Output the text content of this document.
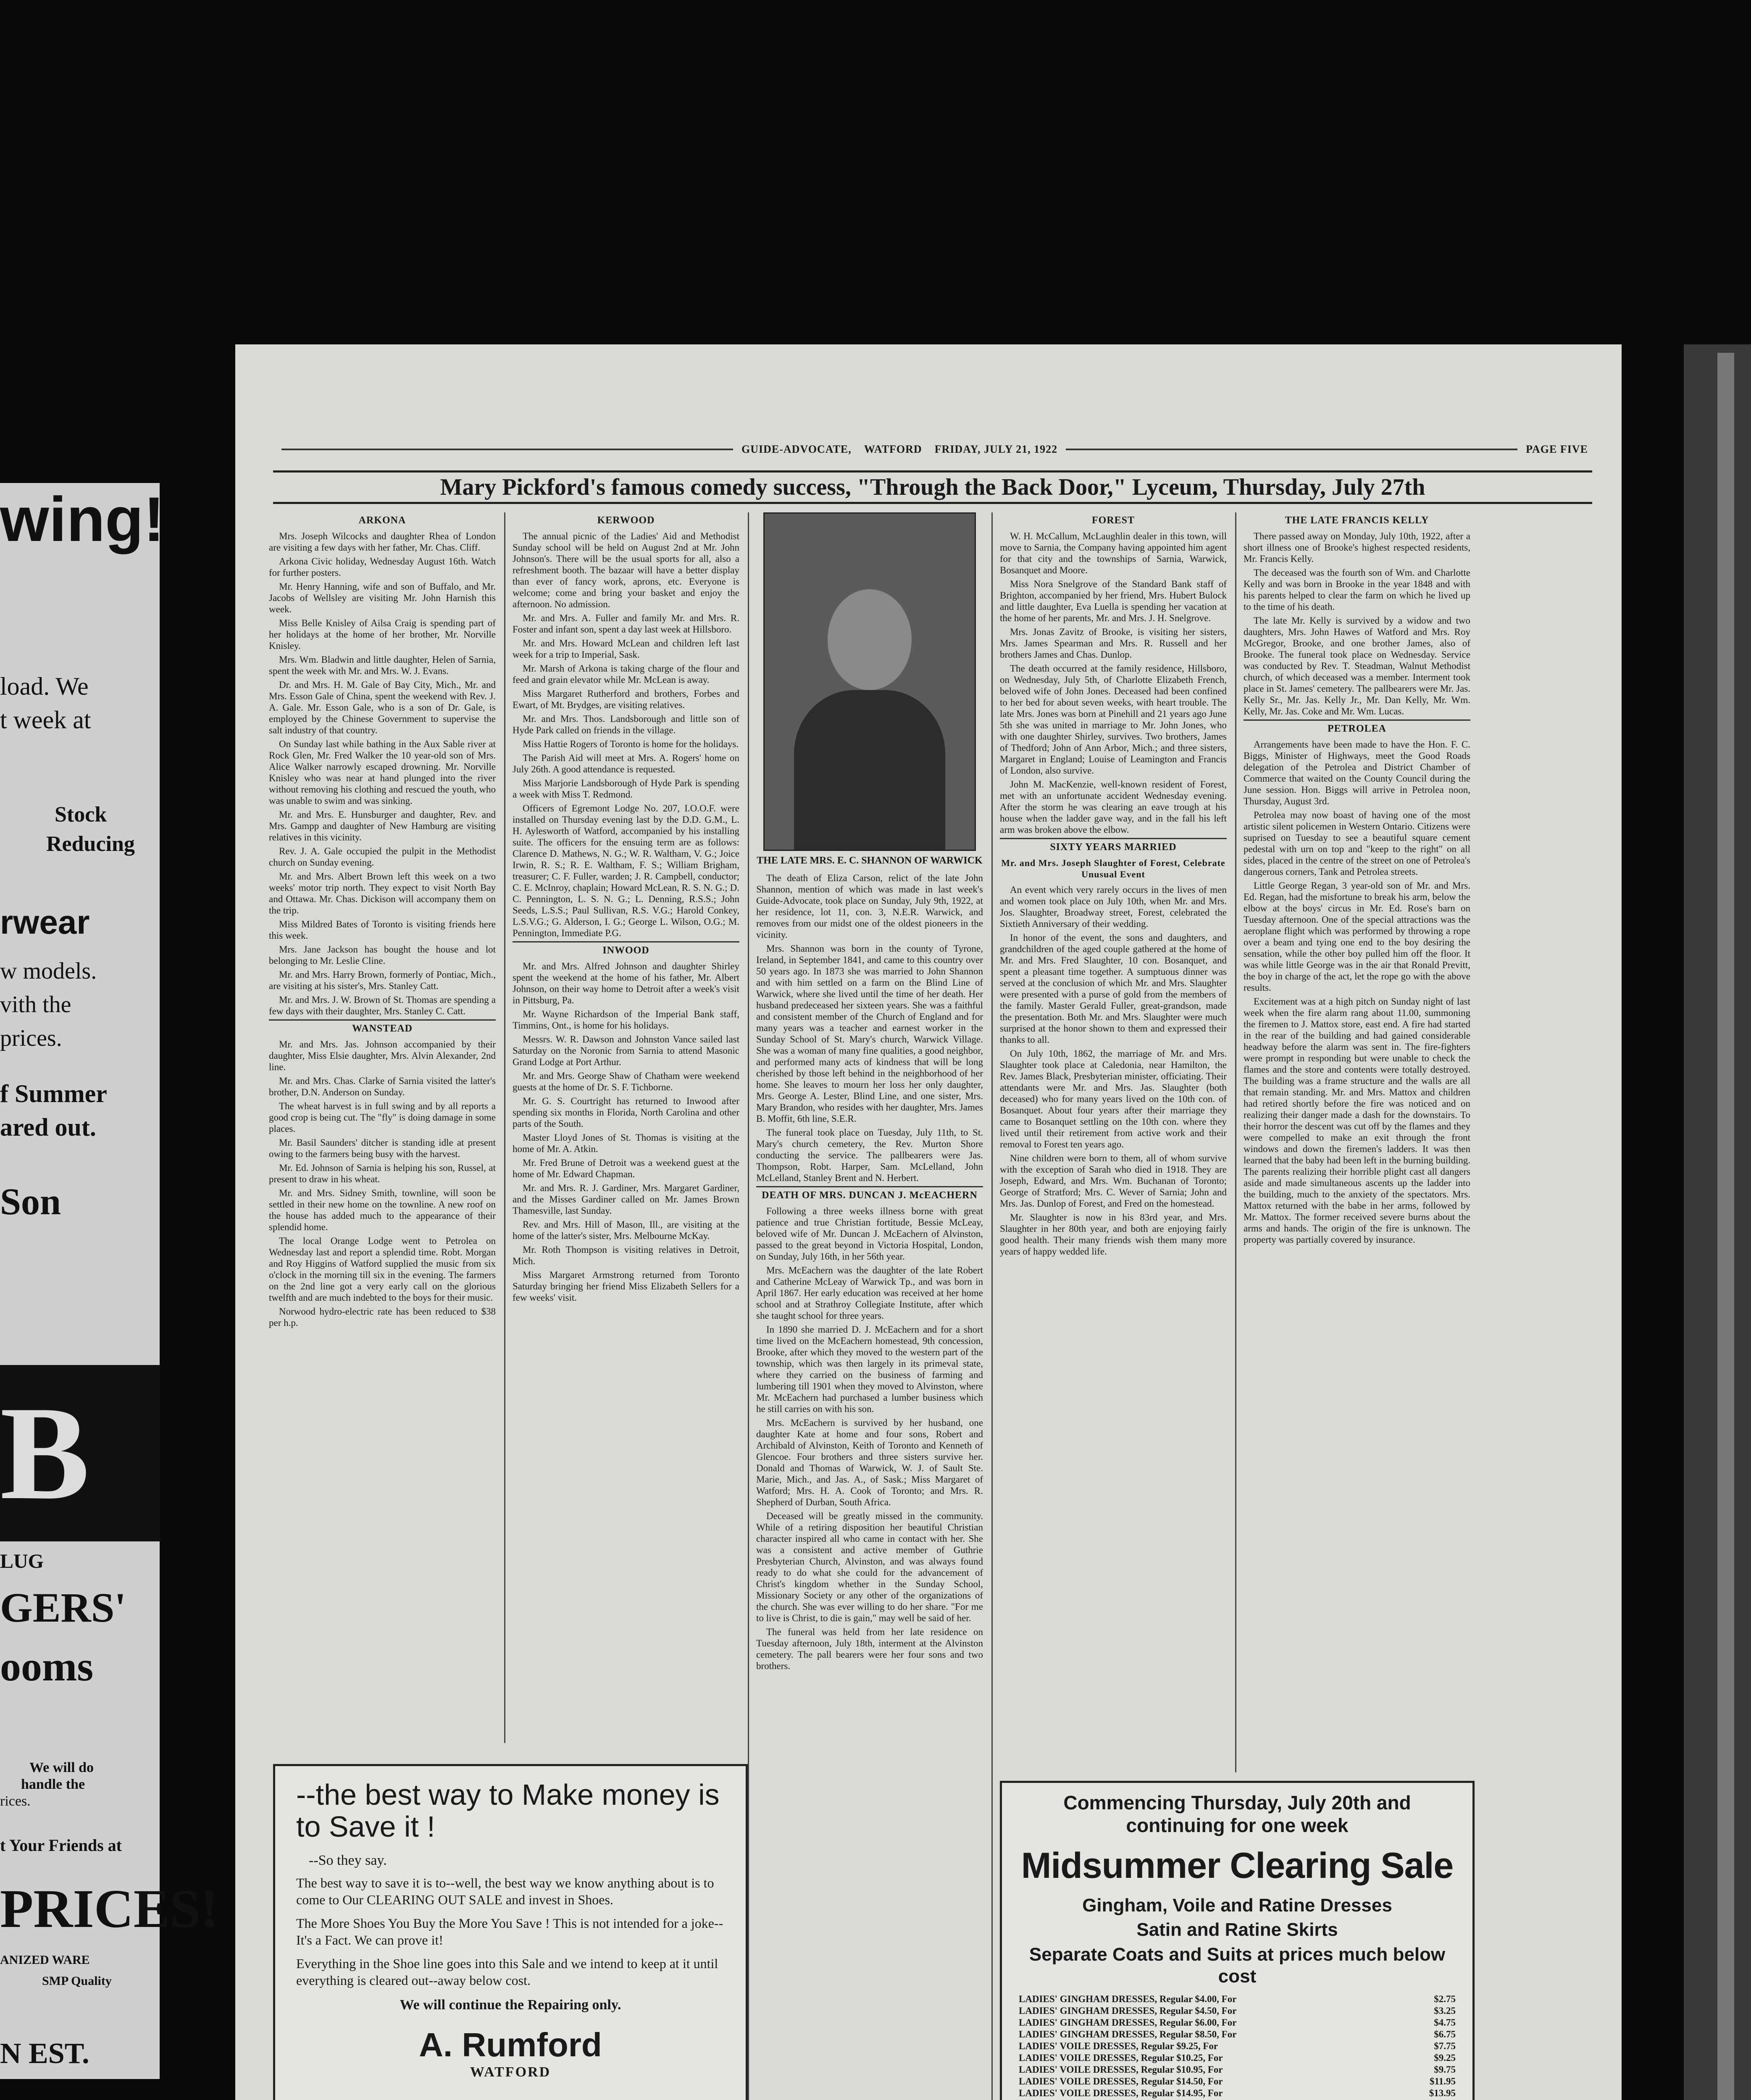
wing!
load. We
t week at
Stock
Reducing
rwear
w models.
vith the
prices.
f Summer
ared out.
Son
B
LUG
GERS'
ooms
We will do
handle the
rices.
t Your Friends at
PRICES!
ANIZED WARE
SMP Quality
N EST.
GUIDE-ADVOCATE, WATFORD FRIDAY, JULY 21, 1922	PAGE FIVE
Mary Pickford's famous comedy success, "Through the Back Door," Lyceum, Thursday, July 27th
ARKONA

Mrs. Joseph Wilcocks and daughter Rhea of London are visiting a few days with her father, Mr. Chas. Cliff.

Arkona Civic holiday, Wednesday August 16th. Watch for further posters.

Mr. Henry Hanning, wife and son of Buffalo, and Mr. Jacobs of Wellsley are visiting Mr. John Harnish this week.

Miss Belle Knisley of Ailsa Craig is spending part of her holidays at the home of her brother, Mr. Norville Knisley.

Mrs. Wm. Bladwin and little daughter, Helen of Sarnia, spent the week with Mr. and Mrs. W. J. Evans.

Dr. and Mrs. H. M. Gale of Bay City, Mich., Mr. and Mrs. Esson Gale of China, spent the weekend with Rev. J. A. Gale. Mr. Esson Gale, who is a son of Dr. Gale, is employed by the Chinese Government to supervise the salt industry of that country.

On Sunday last while bathing in the Aux Sable river at Rock Glen, Mr. Fred Walker the 10 year-old son of Mrs. Alice Walker narrowly escaped drowning. Mr. Norville Knisley who was near at hand plunged into the river without removing his clothing and rescued the youth, who was unable to swim and was sinking.

Mr. and Mrs. E. Hunsburger and daughter, Rev. and Mrs. Gampp and daughter of New Hamburg are visiting relatives in this vicinity.

Rev. J. A. Gale occupied the pulpit in the Methodist church on Sunday evening.

Mr. and Mrs. Albert Brown left this week on a two weeks' motor trip north. They expect to visit North Bay and Ottawa. Mr. Chas. Dickison will accompany them on the trip.

Miss Mildred Bates of Toronto is visiting friends here this week.

Mrs. Jane Jackson has bought the house and lot belonging to Mr. Leslie Cline.

Mr. and Mrs. Harry Brown, formerly of Pontiac, Mich., are visiting at his sister's, Mrs. Stanley Catt.

Mr. and Mrs. J. W. Brown of St. Thomas are spending a few days with their daughter, Mrs. Stanley C. Catt.

WANSTEAD

Mr. and Mrs. Jas. Johnson accompanied by their daughter, Miss Elsie daughter, Mrs. Alvin Alexander, 2nd line.

Mr. and Mrs. Chas. Clarke of Sarnia visited the latter's brother, D.N. Anderson on Sunday.

The wheat harvest is in full swing and by all reports a good crop is being cut. The "fly" is doing damage in some places.

Mr. Basil Saunders' ditcher is standing idle at present owing to the farmers being busy with the harvest.

Mr. Ed. Johnson of Sarnia is helping his son, Russel, at present to draw in his wheat.

Mr. and Mrs. Sidney Smith, townline, will soon be settled in their new home on the townline. A new roof on the house has added much to the appearance of their splendid home.

The local Orange Lodge went to Petrolea on Wednesday last and report a splendid time. Robt. Morgan and Roy Higgins of Watford supplied the music from six o'clock in the morning till six in the evening. The farmers on the 2nd line got a very early call on the glorious twelfth and are much indebted to the boys for their music.

Norwood hydro-electric rate has been reduced to $38 per h.p.

KERWOOD

The annual picnic of the Ladies' Aid and Methodist Sunday school will be held on August 2nd at Mr. John Johnson's. There will be the usual sports for all, also a refreshment booth. The bazaar will have a better display than ever of fancy work, aprons, etc. Everyone is welcome; come and bring your basket and enjoy the afternoon. No admission.

Mr. and Mrs. A. Fuller and family Mr. and Mrs. R. Foster and infant son, spent a day last week at Hillsboro.

Mr. and Mrs. Howard McLean and children left last week for a trip to Imperial, Sask.

Mr. Marsh of Arkona is taking charge of the flour and feed and grain elevator while Mr. McLean is away.

Miss Margaret Rutherford and brothers, Forbes and Ewart, of Mt. Brydges, are visiting relatives.

Mr. and Mrs. Thos. Landsborough and little son of Hyde Park called on friends in the village.

Miss Hattie Rogers of Toronto is home for the holidays.

The Parish Aid will meet at Mrs. A. Rogers' home on July 26th. A good attendance is requested.

Miss Marjorie Landsborough of Hyde Park is spending a week with Miss T. Redmond.

Officers of Egremont Lodge No. 207, I.O.O.F. were installed on Thursday evening last by the D.D. G.M., L. H. Aylesworth of Watford, accompanied by his installing suite. The officers for the ensuing term are as follows: Clarence D. Mathews, N. G.; W. R. Waltham, V. G.; Joice Irwin, R. S.; R. E. Waltham, F. S.; William Brigham, treasurer; C. F. Fuller, warden; J. R. Campbell, conductor; C. E. McInroy, chaplain; Howard McLean, R. S. N. G.; D. C. Pennington, L. S. N. G.; L. Denning, R.S.S.; John Seeds, L.S.S.; Paul Sullivan, R.S. V.G.; Harold Conkey, L.S.V.G.; G. Alderson, I. G.; George L. Wilson, O.G.; M. Pennington, Immediate P.G.

INWOOD

Mr. and Mrs. Alfred Johnson and daughter Shirley spent the weekend at the home of his father, Mr. Albert Johnson, on their way home to Detroit after a week's visit in Pittsburg, Pa.

Mr. Wayne Richardson of the Imperial Bank staff, Timmins, Ont., is home for his holidays.

Messrs. W. R. Dawson and Johnston Vance sailed last Saturday on the Noronic from Sarnia to attend Masonic Grand Lodge at Port Arthur.

Mr. and Mrs. George Shaw of Chatham were weekend guests at the home of Dr. S. F. Tichborne.

Mr. G. S. Courtright has returned to Inwood after spending six months in Florida, North Carolina and other parts of the South.

Master Lloyd Jones of St. Thomas is visiting at the home of Mr. A. Atkin.

Mr. Fred Brune of Detroit was a weekend guest at the home of Mr. Edward Chapman.

Mr. and Mrs. R. J. Gardiner, Mrs. Margaret Gardiner, and the Misses Gardiner called on Mr. James Brown Thamesville, last Sunday.

Rev. and Mrs. Hill of Mason, Ill., are visiting at the home of the latter's sister, Mrs. Melbourne McKay.

Mr. Roth Thompson is visiting relatives in Detroit, Mich.

Miss Margaret Armstrong returned from Toronto Saturday bringing her friend Miss Elizabeth Sellers for a few weeks' visit.

--the best way to Make money is to Save it !

--So they say.

The best way to save it is to--well, the best way we know anything about is to come to Our CLEARING OUT SALE and invest in Shoes.

The More Shoes You Buy the More You Save ! This is not intended for a joke-- It's a Fact. We can prove it!

Everything in the Shoe line goes into this Sale and we intend to keep at it until everything is cleared out--away below cost.

We will continue the Repairing only.

A. Rumford

WATFORD

THE LATE MRS. E. C. SHANNON OF WARWICK

The death of Eliza Carson, relict of the late John Shannon, mention of which was made in last week's Guide-Advocate, took place on Sunday, July 9th, 1922, at her residence, lot 11, con. 3, N.E.R. Warwick, and removes from our midst one of the oldest pioneers in the vicinity.

Mrs. Shannon was born in the county of Tyrone, Ireland, in September 1841, and came to this country over 50 years ago. In 1873 she was married to John Shannon and with him settled on a farm on the Blind Line of Warwick, where she lived until the time of her death. Her husband predeceased her sixteen years. She was a faithful and consistent member of the Church of England and for many years was a teacher and earnest worker in the Sunday School of St. Mary's church, Warwick Village. She was a woman of many fine qualities, a good neighbor, and performed many acts of kindness that will be long cherished by those left behind in the neighborhood of her home. She leaves to mourn her loss her only daughter, Mrs. George A. Lester, Blind Line, and one sister, Mrs. Mary Brandon, who resides with her daughter, Mrs. James B. Moffit, 6th line, S.E.R.

The funeral took place on Tuesday, July 11th, to St. Mary's church cemetery, the Rev. Murton Shore conducting the service. The pallbearers were Jas. Thompson, Robt. Harper, Sam. McLelland, John McLelland, Stanley Brent and N. Herbert.

DEATH OF MRS. DUNCAN J. McEACHERN

Following a three weeks illness borne with great patience and true Christian fortitude, Bessie McLeay, beloved wife of Mr. Duncan J. McEachern of Alvinston, passed to the great beyond in Victoria Hospital, London, on Sunday, July 16th, in her 56th year.

Mrs. McEachern was the daughter of the late Robert and Catherine McLeay of Warwick Tp., and was born in April 1867. Her early education was received at her home school and at Strathroy Collegiate Institute, after which she taught school for three years.

In 1890 she married D. J. McEachern and for a short time lived on the McEachern homestead, 9th concession, Brooke, after which they moved to the western part of the township, which was then largely in its primeval state, where they carried on the business of farming and lumbering till 1901 when they moved to Alvinston, where Mr. McEachern had purchased a lumber business which he still carries on with his son.

Mrs. McEachern is survived by her husband, one daughter Kate at home and four sons, Robert and Archibald of Alvinston, Keith of Toronto and Kenneth of Glencoe. Four brothers and three sisters survive her. Donald and Thomas of Warwick, W. J. of Sault Ste. Marie, Mich., and Jas. A., of Sask.; Miss Margaret of Watford; Mrs. H. A. Cook of Toronto; and Mrs. R. Shepherd of Durban, South Africa.

Deceased will be greatly missed in the community. While of a retiring disposition her beautiful Christian character inspired all who came in contact with her. She was a consistent and active member of Guthrie Presbyterian Church, Alvinston, and was always found ready to do what she could for the advancement of Christ's kingdom whether in the Sunday School, Missionary Society or any other of the organizations of the church. She was ever willing to do her share. "For me to live is Christ, to die is gain," may well be said of her.

The funeral was held from her late residence on Tuesday afternoon, July 18th, interment at the Alvinston cemetery. The pall bearers were her four sons and two brothers.

FOREST

W. H. McCallum, McLaughlin dealer in this town, will move to Sarnia, the Company having appointed him agent for that city and the townships of Sarnia, Warwick, Bosanquet and Moore.

Miss Nora Snelgrove of the Standard Bank staff of Brighton, accompanied by her friend, Mrs. Hubert Bulock and little daughter, Eva Luella is spending her vacation at the home of her parents, Mr. and Mrs. J. H. Snelgrove.

Mrs. Jonas Zavitz of Brooke, is visiting her sisters, Mrs. James Spearman and Mrs. R. Russell and her brothers James and Chas. Dunlop.

The death occurred at the family residence, Hillsboro, on Wednesday, July 5th, of Charlotte Elizabeth French, beloved wife of John Jones. Deceased had been confined to her bed for about seven weeks, with heart trouble. The late Mrs. Jones was born at Pinehill and 21 years ago June 5th she was united in marriage to Mr. John Jones, who with one daughter Shirley, survives. Two brothers, James of Thedford; John of Ann Arbor, Mich.; and three sisters, Margaret in England; Louise of Leamington and Francis of London, also survive.

John M. MacKenzie, well-known resident of Forest, met with an unfortunate accident Wednesday evening. After the storm he was clearing an eave trough at his house when the ladder gave way, and in the fall his left arm was broken above the elbow.

SIXTY YEARS MARRIED
Mr. and Mrs. Joseph Slaughter of Forest, Celebrate Unusual Event

An event which very rarely occurs in the lives of men and women took place on July 10th, when Mr. and Mrs. Jos. Slaughter, Broadway street, Forest, celebrated the Sixtieth Anniversary of their wedding.

In honor of the event, the sons and daughters, and grandchildren of the aged couple gathered at the home of Mr. and Mrs. Fred Slaughter, 10 con. Bosanquet, and spent a pleasant time together. A sumptuous dinner was served at the conclusion of which Mr. and Mrs. Slaughter were presented with a purse of gold from the members of the family. Master Gerald Fuller, great-grandson, made the presentation. Both Mr. and Mrs. Slaughter were much surprised at the honor shown to them and expressed their thanks to all.

On July 10th, 1862, the marriage of Mr. and Mrs. Slaughter took place at Caledonia, near Hamilton, the Rev. James Black, Presbyterian minister, officiating. Their attendants were Mr. and Mrs. Jas. Slaughter (both deceased) who for many years lived on the 10th con. of Bosanquet. About four years after their marriage they came to Bosanquet settling on the 10th con. where they lived until their retirement from active work and their removal to Forest ten years ago.

Nine children were born to them, all of whom survive with the exception of Sarah who died in 1918. They are Joseph, Edward, and Mrs. Wm. Buchanan of Toronto; George of Stratford; Mrs. C. Wever of Sarnia; John and Mrs. Jas. Dunlop of Forest, and Fred on the homestead.

Mr. Slaughter is now in his 83rd year, and Mrs. Slaughter in her 80th year, and both are enjoying fairly good health. Their many friends wish them many more years of happy wedded life.

THE LATE FRANCIS KELLY

There passed away on Monday, July 10th, 1922, after a short illness one of Brooke's highest respected residents, Mr. Francis Kelly.

The deceased was the fourth son of Wm. and Charlotte Kelly and was born in Brooke in the year 1848 and with his parents helped to clear the farm on which he lived up to the time of his death.

The late Mr. Kelly is survived by a widow and two daughters, Mrs. John Hawes of Watford and Mrs. Roy McGregor, Brooke, and one brother James, also of Brooke. The funeral took place on Wednesday. Service was conducted by Rev. T. Steadman, Walnut Methodist church, of which deceased was a member. Interment took place in St. James' cemetery. The pallbearers were Mr. Jas. Kelly Sr., Mr. Jas. Kelly Jr., Mr. Dan Kelly, Mr. Wm. Kelly, Mr. Jas. Coke and Mr. Wm. Lucas.

PETROLEA

Arrangements have been made to have the Hon. F. C. Biggs, Minister of Highways, meet the Good Roads delegation of the Petrolea and District Chamber of Commerce that waited on the County Council during the June session. Hon. Biggs will arrive in Petrolea noon, Thursday, August 3rd.

Petrolea may now boast of having one of the most artistic silent policemen in Western Ontario. Citizens were suprised on Tuesday to see a beautiful square cement pedestal with urn on top and "keep to the right" on all sides, placed in the centre of the street on one of Petrolea's dangerous corners, Tank and Petrolea streets.

Little George Regan, 3 year-old son of Mr. and Mrs. Ed. Regan, had the misfortune to break his arm, below the elbow at the boys' circus in Mr. Ed. Rose's barn on Tuesday afternoon. One of the special attractions was the aeroplane flight which was performed by throwing a rope over a beam and tying one end to the boy desiring the sensation, while the other boy pulled him off the floor. It was while little George was in the air that Ronald Previtt, the boy in charge of the act, let the rope go with the above results.

Excitement was at a high pitch on Sunday night of last week when the fire alarm rang about 11.00, summoning the firemen to J. Mattox store, east end. A fire had started in the rear of the building and had gained considerable headway before the alarm was sent in. The fire-fighters were prompt in responding but were unable to check the flames and the store and contents were totally destroyed. The building was a frame structure and the walls are all that remain standing. Mr. and Mrs. Mattox and children had retired shortly before the fire was noticed and on realizing their danger made a dash for the downstairs. To their horror the descent was cut off by the flames and they were compelled to make an exit through the front windows and down the firemen's ladders. It was then learned that the baby had been left in the burning building. The parents realizing their horrible plight cast all dangers aside and made simultaneous ascents up the ladder into the building, much to the anxiety of the spectators. Mrs. Mattox returned with the babe in her arms, followed by Mr. Mattox. The former received severe burns about the arms and hands. The origin of the fire is unknown. The property was partially covered by insurance.

Commencing Thursday, July 20th and continuing for one week

Midsummer Clearing Sale

Gingham, Voile and Ratine Dresses

Satin and Ratine Skirts

Separate Coats and Suits at prices much below cost

LADIES' GINGHAM DRESSES, Regular $4.00, For	$2.75
LADIES' GINGHAM DRESSES, Regular $4.50, For	$3.25
LADIES' GINGHAM DRESSES, Regular $6.00, For	$4.75
LADIES' GINGHAM DRESSES, Regular $8.50, For	$6.75
LADIES' VOILE DRESSES, Regular $9.25, For	$7.75
LADIES' VOILE DRESSES, Regular $10.25, For	$9.25
LADIES' VOILE DRESSES, Regular $10.95, For	$9.75
LADIES' VOILE DRESSES, Regular $14.50, For	$11.95
LADIES' VOILE DRESSES, Regular $14.95, For	$13.95
